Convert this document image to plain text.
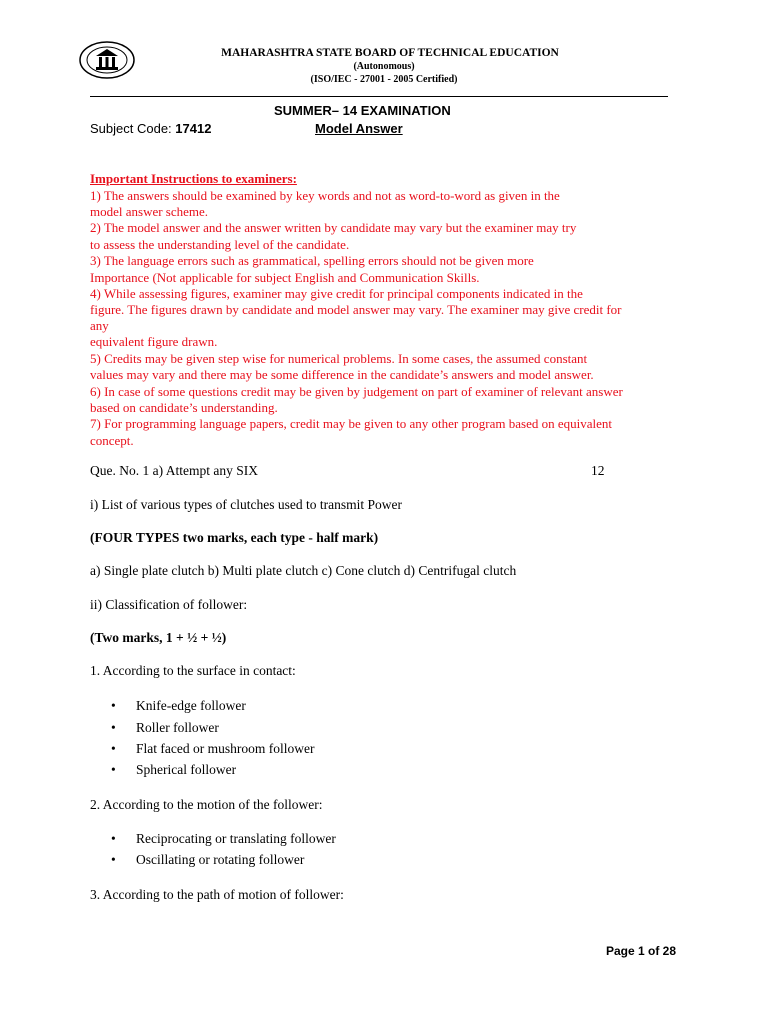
MAHARASHTRA STATE BOARD OF TECHNICAL EDUCATION
(Autonomous)
(ISO/IEC - 27001 - 2005 Certified)
SUMMER– 14 EXAMINATION
Subject Code: 17412	Model Answer
Important Instructions to examiners:
1) The answers should be examined by key words and not as word-to-word as given in the
model answer scheme.
2) The model answer and the answer written by candidate may vary but the examiner may try
to assess the understanding level of the candidate.
3) The language errors such as grammatical, spelling errors should not be given more
Importance (Not applicable for subject English and Communication Skills.
4) While assessing figures, examiner may give credit for principal components indicated in the
figure. The figures drawn by candidate and model answer may vary. The examiner may give credit for
any
equivalent figure drawn.
5) Credits may be given step wise for numerical problems. In some cases, the assumed constant
values may vary and there may be some difference in the candidate’s answers and model answer.
6) In case of some questions credit may be given by judgement on part of examiner of relevant answer
based on candidate’s understanding.
7) For programming language papers, credit may be given to any other program based on equivalent
concept.
Que. No. 1 a) Attempt any SIX	12
i) List of various types of clutches used to transmit Power
(FOUR TYPES two marks, each type - half mark)
a) Single plate clutch b) Multi plate clutch c) Cone clutch d) Centrifugal clutch
ii) Classification of follower:
(Two marks, 1 + ½ + ½)
1. According to the surface in contact:
• Knife-edge follower
• Roller follower
• Flat faced or mushroom follower
• Spherical follower
2. According to the motion of the follower:
• Reciprocating or translating follower
• Oscillating or rotating follower
3. According to the path of motion of follower:
Page 1 of 28
